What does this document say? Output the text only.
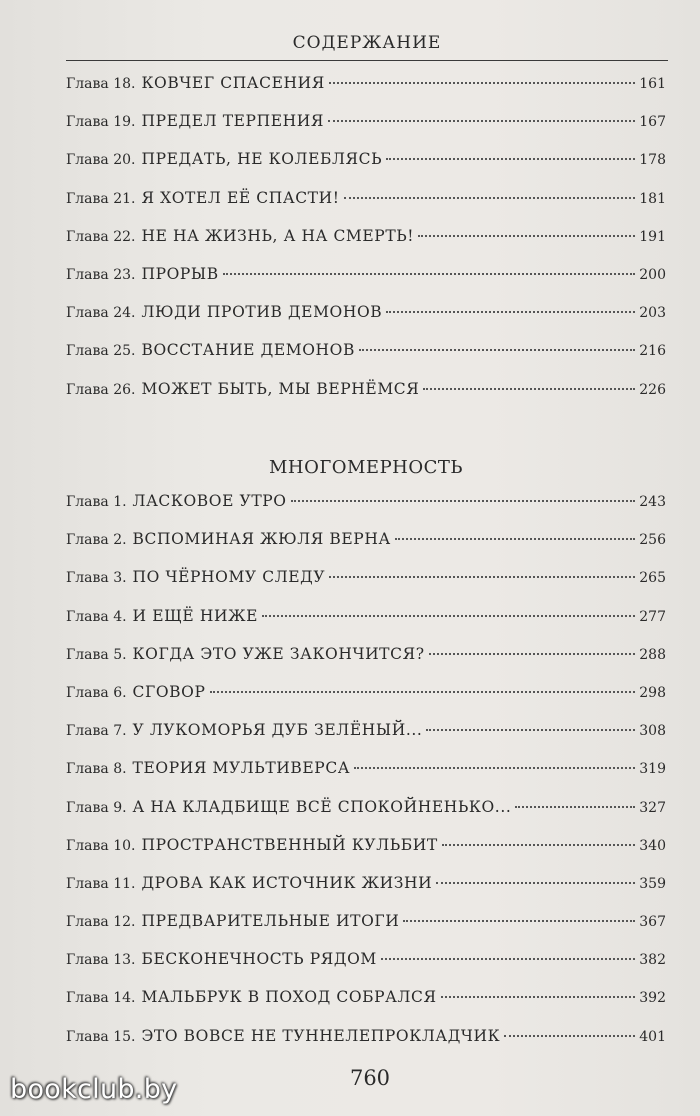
СОДЕРЖАНИЕ
Глава 18. КОВЧЕГ СПАСЕНИЯ	161
Глава 19. ПРЕДЕЛ ТЕРПЕНИЯ	167
Глава 20. ПРЕДАТЬ, НЕ КОЛЕБЛЯСЬ	178
Глава 21. Я ХОТЕЛ ЕЁ СПАСТИ!	181
Глава 22. НЕ НА ЖИЗНЬ, А НА СМЕРТЬ!	191
Глава 23. ПРОРЫВ	200
Глава 24. ЛЮДИ ПРОТИВ ДЕМОНОВ	203
Глава 25. ВОССТАНИЕ ДЕМОНОВ	216
Глава 26. МОЖЕТ БЫТЬ, МЫ ВЕРНЁМСЯ	226
МНОГОМЕРНОСТЬ
Глава 1. ЛАСКОВОЕ УТРО	243
Глава 2. ВСПОМИНАЯ ЖЮЛЯ ВЕРНА	256
Глава 3. ПО ЧЁРНОМУ СЛЕДУ	265
Глава 4. И ЕЩЁ НИЖЕ	277
Глава 5. КОГДА ЭТО УЖЕ ЗАКОНЧИТСЯ?	288
Глава 6. СГОВОР	298
Глава 7. У ЛУКОМОРЬЯ ДУБ ЗЕЛЁНЫЙ...	308
Глава 8. ТЕОРИЯ МУЛЬТИВЕРСА	319
Глава 9. А НА КЛАДБИЩЕ ВСЁ СПОКОЙНЕНЬКО...	327
Глава 10. ПРОСТРАНСТВЕННЫЙ КУЛЬБИТ	340
Глава 11. ДРОВА КАК ИСТОЧНИК ЖИЗНИ	359
Глава 12. ПРЕДВАРИТЕЛЬНЫЕ ИТОГИ	367
Глава 13. БЕСКОНЕЧНОСТЬ РЯДОМ	382
Глава 14. МАЛЬБРУК В ПОХОД СОБРАЛСЯ	392
Глава 15. ЭТО ВОВСЕ НЕ ТУННЕЛЕПРОКЛАДЧИК	401
760
bookclub.by
